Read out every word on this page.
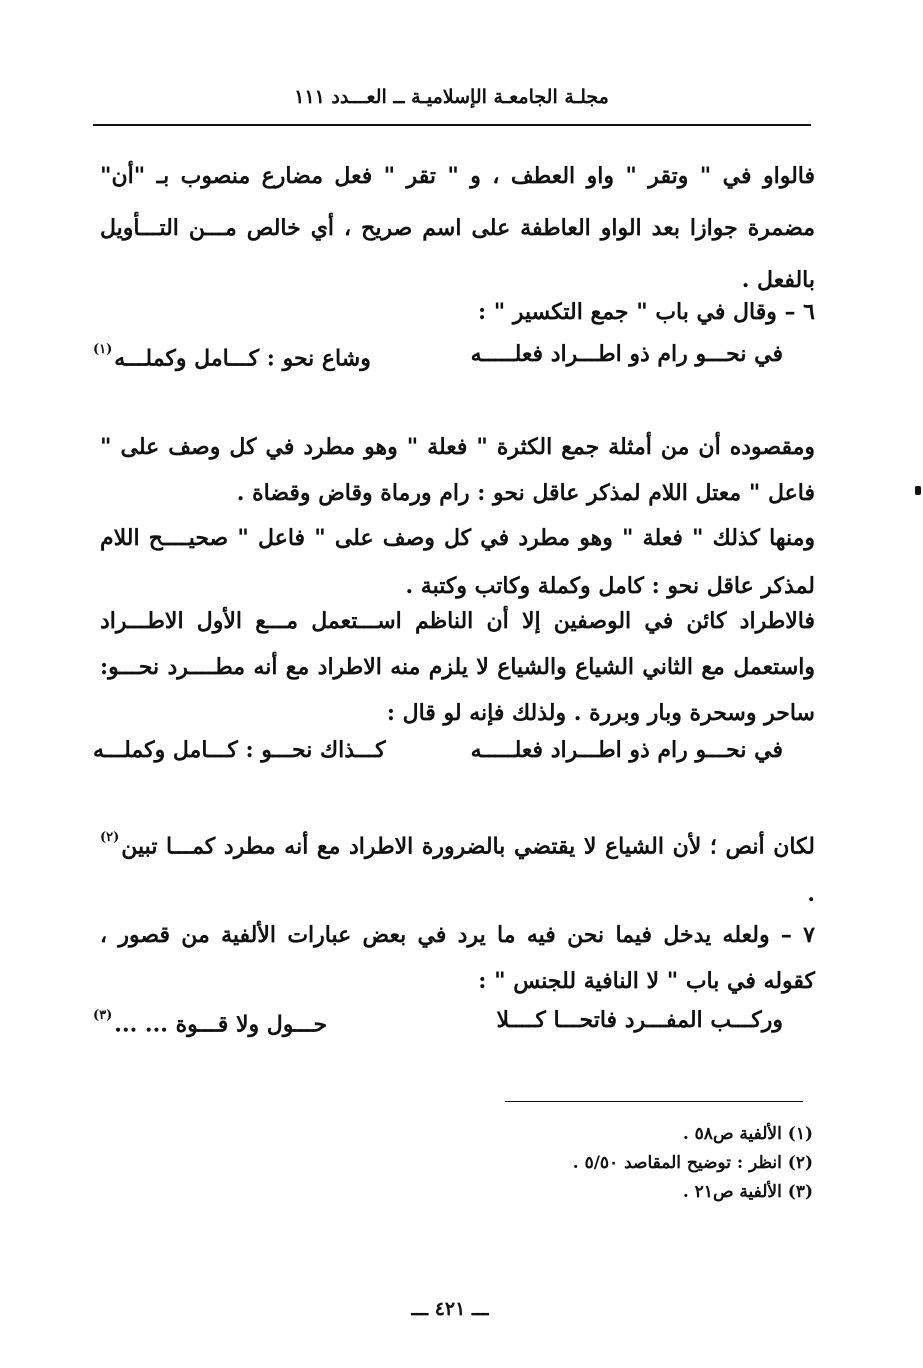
مجلـة الجامعـة الإسلاميـة ــ العـــدد ١١١
فالواو في " وتقر " واو العطف ، و " تقر " فعل مضارع منصوب بـ "أن" مضمرة جوازا بعد الواو العاطفة على اسم صريح ، أي خالص مـــن التـــأويل بالفعل .
٦ – وقال في باب " جمع التكسير " :
في نحـــو رام ذو اطـــراد فعلـــــه
وشاع نحو : كـــامل وكملـــه$^{(١)}$
ومقصوده أن من أمثلة جمع الكثرة " فعلة " وهو مطرد في كل وصف على " فاعل " معتل اللام لمذكر عاقل نحو : رام ورماة وقاض وقضاة .
ومنها كذلك " فعلة " وهو مطرد في كل وصف على " فاعل " صحيــــح اللام لمذكر عاقل نحو : كامل وكملة وكاتب وكتبة .
فالاطراد كائن في الوصفين إلا أن الناظم اســـتعمل مـــع الأول الاطـــراد واستعمل مع الثاني الشياع والشياع لا يلزم منه الاطراد مع أنه مطــــرد نحـــو: ساحر وسحرة وبار وبررة . ولذلك فإنه لو قال :
في نحـــو رام ذو اطـــراد فعلـــــه
كـــذاك نحـــو : كـــامل وكملـــه
لكان أنص ؛ لأن الشياع لا يقتضي بالضرورة الاطراد مع أنه مطرد كمـــا تبين$^{(٢)}$ .
٧ – ولعله يدخل فيما نحن فيه ما يرد في بعض عبارات الألفية من قصور ، كقوله في باب " لا النافية للجنس " :
وركـــب المفـــرد فاتحـــا كــــلا
حـــول ولا قـــوة ... ...$^{(٣)}$
(١) الألفية ص٥٨ .
(٢) انظر : توضيح المقاصد ٥/٥٠ .
(٣) الألفية ص٢١ .
ـــ ٤٢١ ـــ
